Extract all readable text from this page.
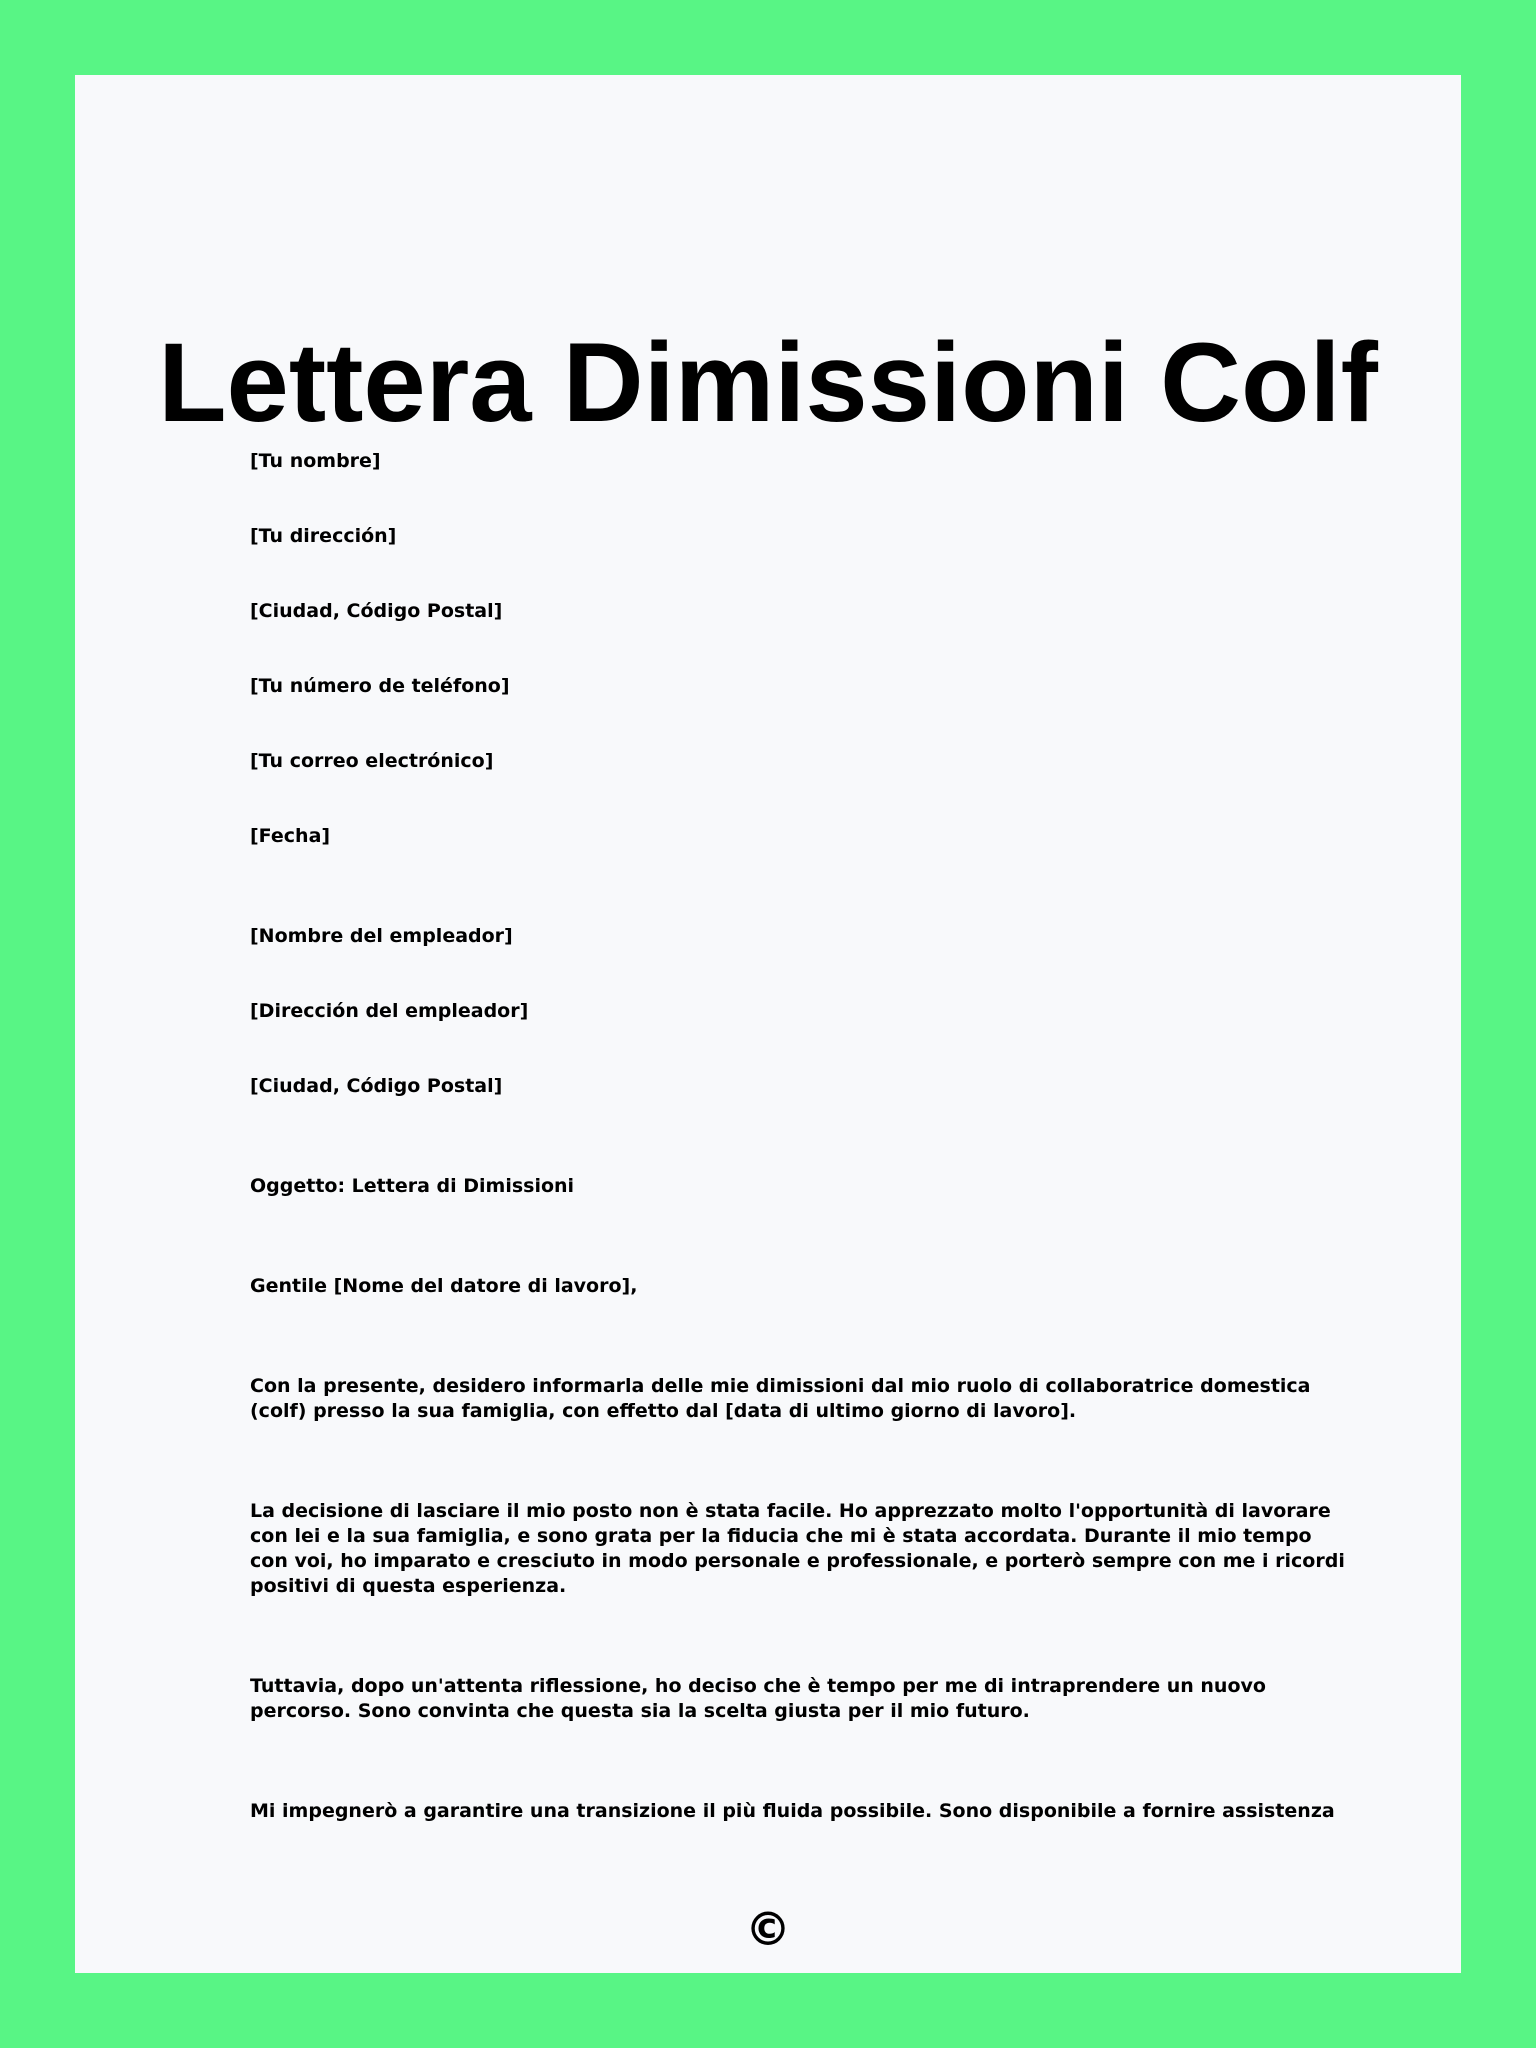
Lettera Dimissioni Colf

[Tu nombre]

[Tu dirección]

[Ciudad, Código Postal]

[Tu número de teléfono]

[Tu correo electrónico]

[Fecha]

[Nombre del empleador]

[Dirección del empleador]

[Ciudad, Código Postal]

Oggetto: Lettera di Dimissioni

Gentile [Nome del datore di lavoro],

Con la presente, desidero informarla delle mie dimissioni dal mio ruolo di collaboratrice domestica (colf) presso la sua famiglia, con effetto dal [data di ultimo giorno di lavoro].

La decisione di lasciare il mio posto non è stata facile. Ho apprezzato molto l'opportunità di lavorare con lei e la sua famiglia, e sono grata per la fiducia che mi è stata accordata. Durante il mio tempo con voi, ho imparato e cresciuto in modo personale e professionale, e porterò sempre con me i ricordi positivi di questa esperienza.

Tuttavia, dopo un'attenta riflessione, ho deciso che è tempo per me di intraprendere un nuovo percorso. Sono convinta che questa sia la scelta giusta per il mio futuro.

Mi impegnerò a garantire una transizione il più fluida possibile. Sono disponibile a fornire assistenza

©
